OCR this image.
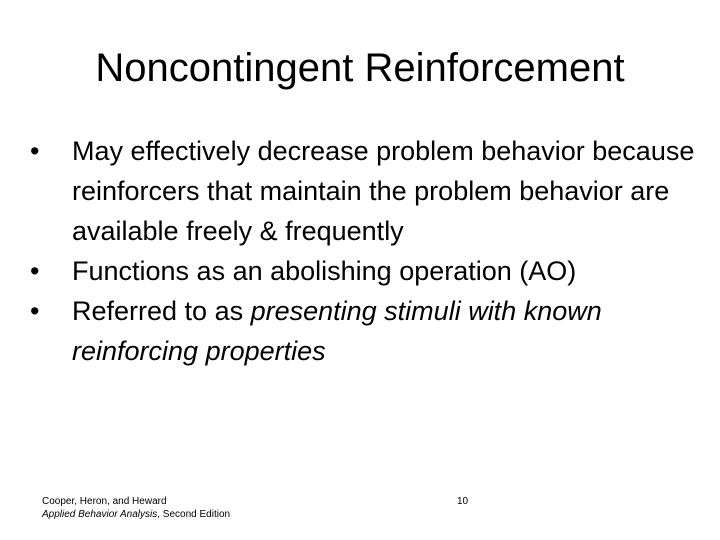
Noncontingent Reinforcement
•	May effectively decrease problem behavior because reinforcers that maintain the problem behavior are available freely & frequently
•	Functions as an abolishing operation (AO)
•	Referred to as presenting stimuli with known reinforcing properties
Cooper, Heron, and Heward
Applied Behavior Analysis, Second Edition
10
